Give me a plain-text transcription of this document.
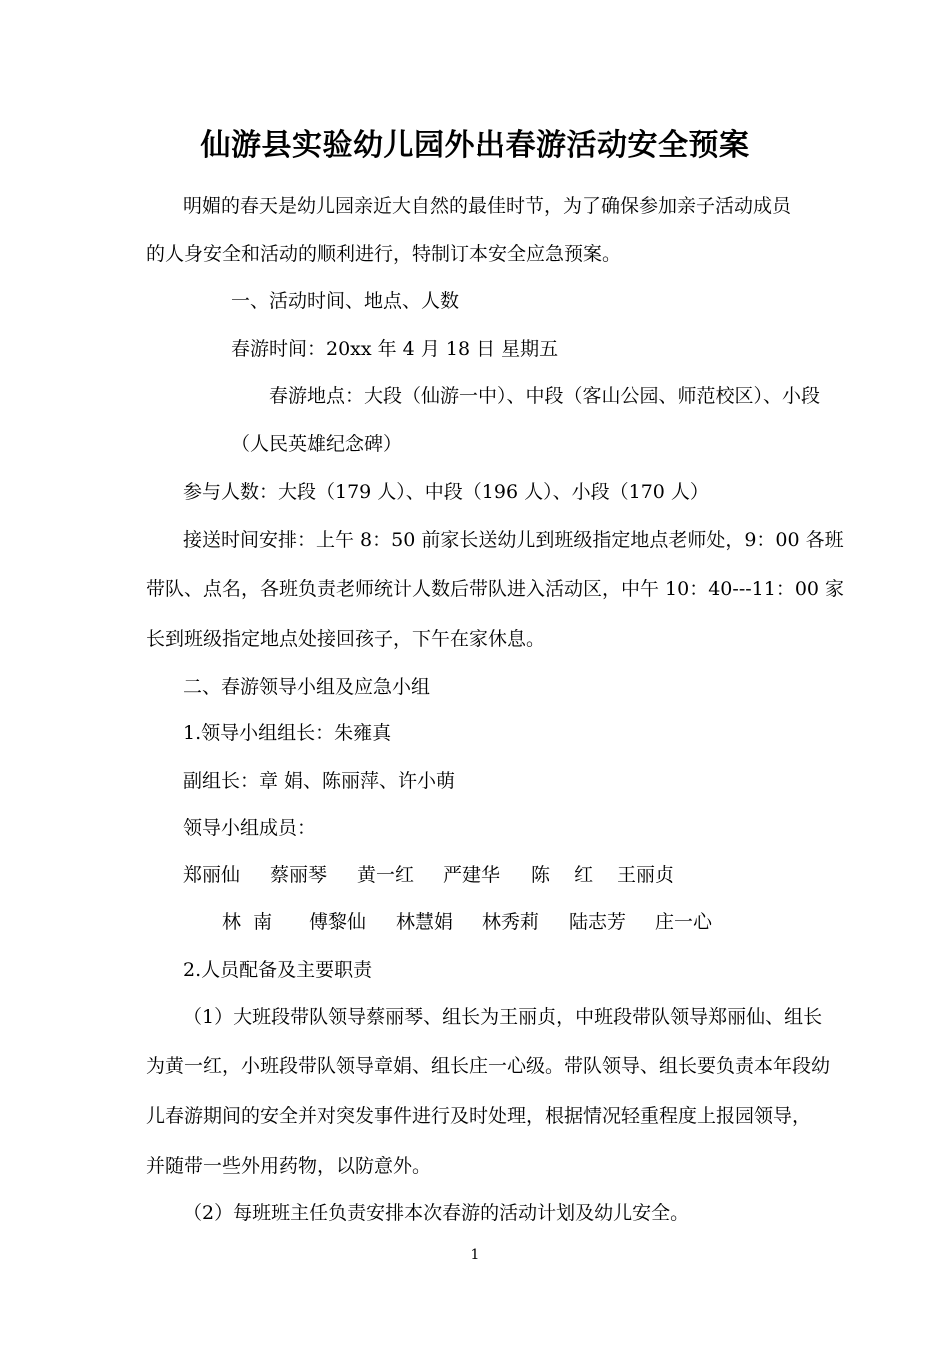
仙游县实验幼儿园外出春游活动安全预案
明媚的春天是幼儿园亲近大自然的最佳时节，为了确保参加亲子活动成员
的人身安全和活动的顺利进行，特制订本安全应急预案。
一、活动时间、地点、人数
春游时间：20xx 年 4 月 18 日 星期五
春游地点：大段（仙游一中）、中段（客山公园、师范校区）、小段
（人民英雄纪念碑）
参与人数：大段（179 人）、中段（196 人）、小段（170 人）
接送时间安排：上午 8：50 前家长送幼儿到班级指定地点老师处，9：00 各班
带队、点名，各班负责老师统计人数后带队进入活动区，中午 10：40---11：00 家
长到班级指定地点处接回孩子，下午在家休息。
二、春游领导小组及应急小组
1.领导小组组长：朱雍真
副组长：章 娟、陈丽萍、许小萌
领导小组成员：
郑丽仙 蔡丽琴 黄一红 严建华 陈    红 王丽贞
林  南 傅黎仙 林慧娟 林秀莉 陆志芳 庄一心
2.人员配备及主要职责
（1）大班段带队领导蔡丽琴、组长为王丽贞，中班段带队领导郑丽仙、组长
为黄一红，小班段带队领导章娟、组长庄一心级。带队领导、组长要负责本年段幼
儿春游期间的安全并对突发事件进行及时处理，根据情况轻重程度上报园领导，
并随带一些外用药物，以防意外。
（2）每班班主任负责安排本次春游的活动计划及幼儿安全。
1
